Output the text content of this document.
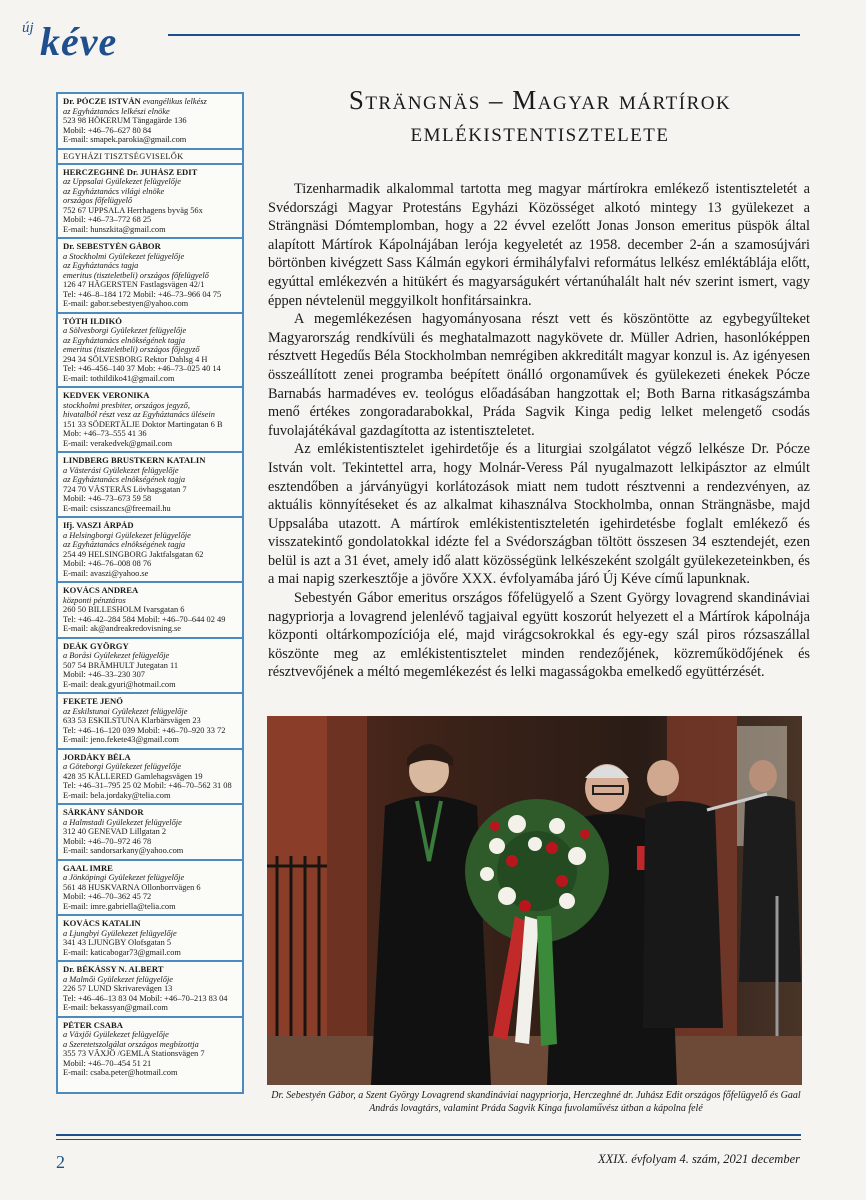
új kéve
Dr. PÓCZE ISTVÁN evangélikus lelkész
az Egyháztanács lelkészi elnöke
523 98 HÖKERUM Tängagärde 136
Mobil: +46–76–627 80 84
E-mail: smapek.parokia@gmail.com
EGYHÁZI TISZTSÉGVISELŐK
HERCZEGHNÉ Dr. JUHÁSZ EDIT
az Uppsalai Gyülekezet felügyelője
az Egyháztanács világi elnöke
országos főfelügyelő
752 67 UPPSALA Herrhagens byväg 56x
Mobil: +46–73–772 68 25
E-mail: hunszkita@gmail.com
Dr. SEBESTYÉN GÁBOR
a Stockholmi Gyülekezet felügyelője
az Egyháztanács tagja
emeritus (tiszteletbeli) országos főfelügyelő
126 47 HÄGERSTEN Fastlagsvägen 42/1
Tel: +46–8–184 172 Mobil: +46–73–966 04 75
E-mail: gabor.sebestyen@yahoo.com
TÓTH ILDIKÓ
a Sölvesborgi Gyülekezet felügyelője
az Egyháztanács elnökségének tagja
emeritus (tiszteletbeli) országos főjegyző
294 34 SÖLVESBORG Rektor Dahlsg 4 H
Tel: +46–456–140 37 Mob: +46–73–025 40 14
E-mail: tothildiko41@gmail.com
KEDVEK VERONIKA
stockholmi presbiter, országos jegyző,
hivatalból részt vesz az Egyháztanács ülésein
151 33 SÖDERTÄLJE Doktor Martingatan 6 B
Mob: +46–73–555 41 36
E-mail: verakedvek@gmail.com
LINDBERG BRUSTKERN KATALIN
a Västerási Gyülekezet felügyelője
az Egyháztanács elnökségének tagja
724 70 VÄSTERÅS Lövhagsgatan 7
Mobil: +46–73–673 59 58
E-mail: csisszancs@freemail.hu
Ifj. VASZI ÁRPÁD
a Helsingborgi Gyülekezet felügyelője
az Egyháztanács elnökségének tagja
254 49 HELSINGBORG Jaktfalsgatan 62
Mobil: +46–76–008 08 76
E-mail: avaszi@yahoo.se
KOVÁCS ANDREA
központi pénztáros
260 50 BILLESHOLM Ivarsgatan 6
Tel: +46–42–284 584 Mobil: +46–70–644 02 49
E-mail: ak@andreakredovisning.se
DEÁK GYÖRGY
a Boråsi Gyülekezet felügyelője
507 54 BRÄMHULT Jutegatan 11
Mobil: +46–33–230 307
E-mail: deak.gyuri@hotmail.com
FEKETE JENŐ
az Eskilstunai Gyülekezet felügyelője
633 53 ESKILSTUNA Klarbärsvägen 23
Tel: +46–16–120 039 Mobil: +46–70–920 33 72
E-mail: jeno.fekete43@gmail.com
JORDÁKY BÉLA
a Göteborgi Gyülekezet felügyelője
428 35 KÅLLERED Gamlehagsvägen 19
Tel: +46–31–795 25 02 Mobil: +46–70–562 31 08
E-mail: bela.jordaky@telia.com
SÁRKÁNY SÁNDOR
a Halmstadi Gyülekezet felügyelője
312 40 GENEVAD Lillgatan 2
Mobil: +46–70–972 46 78
E-mail: sandorsarkany@yahoo.com
GAAL IMRE
a Jönköpingi Gyülekezet felügyelője
561 48 HUSKVARNA Ollonborrvägen 6
Mobil: +46–70–362 45 72
E-mail: imre.gabriella@telia.com
KOVÁCS KATALIN
a Ljungbyi Gyülekezet felügyelője
341 43 LJUNGBY Olofsgatan 5
E-mail: katicabogar73@gmail.com
Dr. BÉKÁSSY N. ALBERT
a Malmői Gyülekezet felügyelője
226 57 LUND Skrivarevägen 13
Tel: +46–46–13 83 04 Mobil: +46–70–213 83 04
E-mail: bekassyan@gmail.com
PÉTER CSABA
a Växjői Gyülekezet felügyelője
a Szeretetszolgálat országos megbízottja
355 73 VÄXJÖ /GEMLA Stationsvägen 7
Mobil: +46–70–454 51 21
E-mail: csaba.peter@hotmail.com
Strängnäs – Magyar mártírok
emlékistentisztelete

Tizenharmadik alkalommal tartotta meg magyar mártírokra emlékező istentiszteletét a Svédországi Magyar Protestáns Egyházi Közösséget alkotó mintegy 13 gyülekezet a Strängnäsi Dómtemplomban, hogy a 22 évvel ezelőtt Jonas Jonson emeritus püspök által alapított Mártírok Kápolnájában lerója kegyeletét az 1958. december 2-án a szamosújvári börtönben kivégzett Sass Kálmán egykori érmihályfalvi református lelkész emléktáblája előtt, egyúttal emlékezvén a hitükért és magyarságukért vértanúhalált halt név szerint ismert, vagy éppen névtelenül meggyilkolt honfitársainkra.

A megemlékezésen hagyományosana részt vett és köszöntötte az egybegyűlteket Magyarország rendkívüli és meghatalmazott nagykövete dr. Müller Adrien, hasonlóképpen résztvett Hegedűs Béla Stockholmban nemrégiben akkreditált magyar konzul is. Az igényesen összeállított zenei programba beépített önálló orgonaművek és gyülekezeti énekek Pócze Barnabás harmadéves ev. teológus előadásában hangzottak el; Both Barna ritkaságszámba menő értékes zongoradarabokkal, Práda Sagvik Kinga pedig lelket melengető csodás fuvolajátékával gazdagította az istentiszteletet.

Az emlékistentisztelet igehirdetője és a liturgiai szolgálatot végző lelkésze Dr. Pócze István volt. Tekintettel arra, hogy Molnár-Veress Pál nyugalmazott lelkipásztor az elmúlt esztendőben a járványügyi korlátozások miatt nem tudott résztvenni a rendezvényen, az aktuális könnyítéseket és az alkalmat kihasználva Stockholmba, onnan Strängnäsbe, majd Uppsalába utazott. A mártírok emlékistentiszteletén igehirdetésbe foglalt emlékező és visszatekintő gondolatokkal idézte fel a Svédországban töltött összesen 34 esztendejét, ezen belül is azt a 31 évet, amely idő alatt közösségünk lelkészeként szolgált gyülekezeteinkben, és a mai napig szerkesztője a jövőre XXX. évfolyamába járó Új Kéve című lapunknak.

Sebestyén Gábor emeritus országos főfelügyelő a Szent György lovagrend skandináviai nagypriorja a lovagrend jelenlévő tagjaival együtt koszorút helyezett el a Mártírok kápolnája központi oltárkompozíciója elé, majd virágcsokrokkal és egy-egy szál piros rózsaszállal köszönte meg az emlékistentisztelet minden rendezőjének, közreműködőjének és résztvevőjének a méltó megemlékezést és lelki magasságokba emelkedő együttérzését.

Dr. Sebestyén Gábor, a Szent György Lovagrend skandináviai nagypriorja, Herczeghné dr. Juhász Edit országos főfelügyelő és Gaal András lovagtárs, valamint Práda Sagvik Kinga fuvolaművész útban a kápolna felé
2	XXIX. évfolyam 4. szám, 2021 december
